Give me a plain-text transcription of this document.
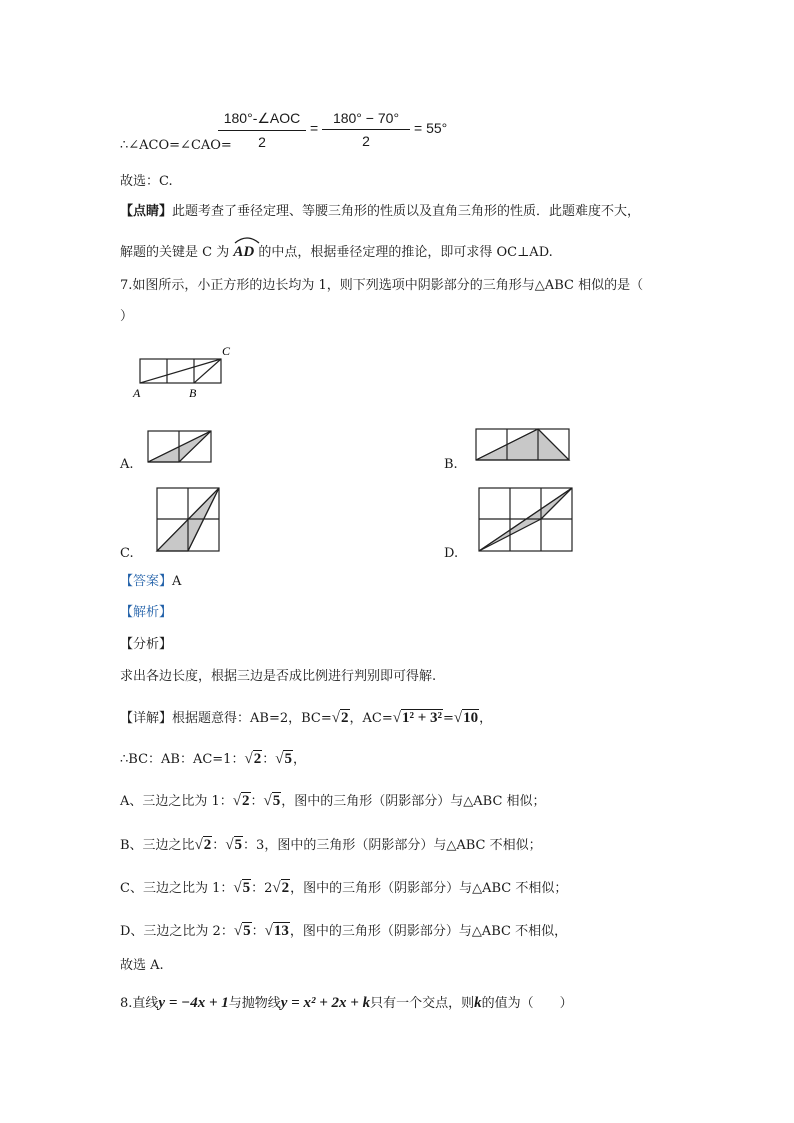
∴∠ACO=∠CAO=
180°-∠AOC
2
= $\frac{180^\circ - 70^\circ}{2} = 55^\circ$
故选：C.
【点睛】此题考查了垂径定理、等腰三角形的性质以及直角三角形的性质．此题难度不大，
解题的关键是 C 为 AD 的中点，根据垂径定理的推论，即可求得 OC⊥AD.
7.如图所示，小正方形的边长均为 1，则下列选项中阴影部分的三角形与△ABC 相似的是（
）
C
A	B
A.	B.
C.	D.
【答案】A
【解析】
【分析】
求出各边长度，根据三边是否成比例进行判别即可得解.
【详解】根据题意得：AB=2，BC=√2，AC=√1² + 3²=√10，
∴BC：AB：AC=1：√2：√5，
A、三边之比为 1：√2：√5，图中的三角形（阴影部分）与△ABC 相似；
B、三边之比√2：√5：3，图中的三角形（阴影部分）与△ABC 不相似；
C、三边之比为 1：√5：2√2，图中的三角形（阴影部分）与△ABC 不相似；
D、三边之比为 2：√5：√13，图中的三角形（阴影部分）与△ABC 不相似，
故选 A.
8.直线y = −4x + 1与抛物线y = x² + 2x + k只有一个交点，则k的值为（　　）
